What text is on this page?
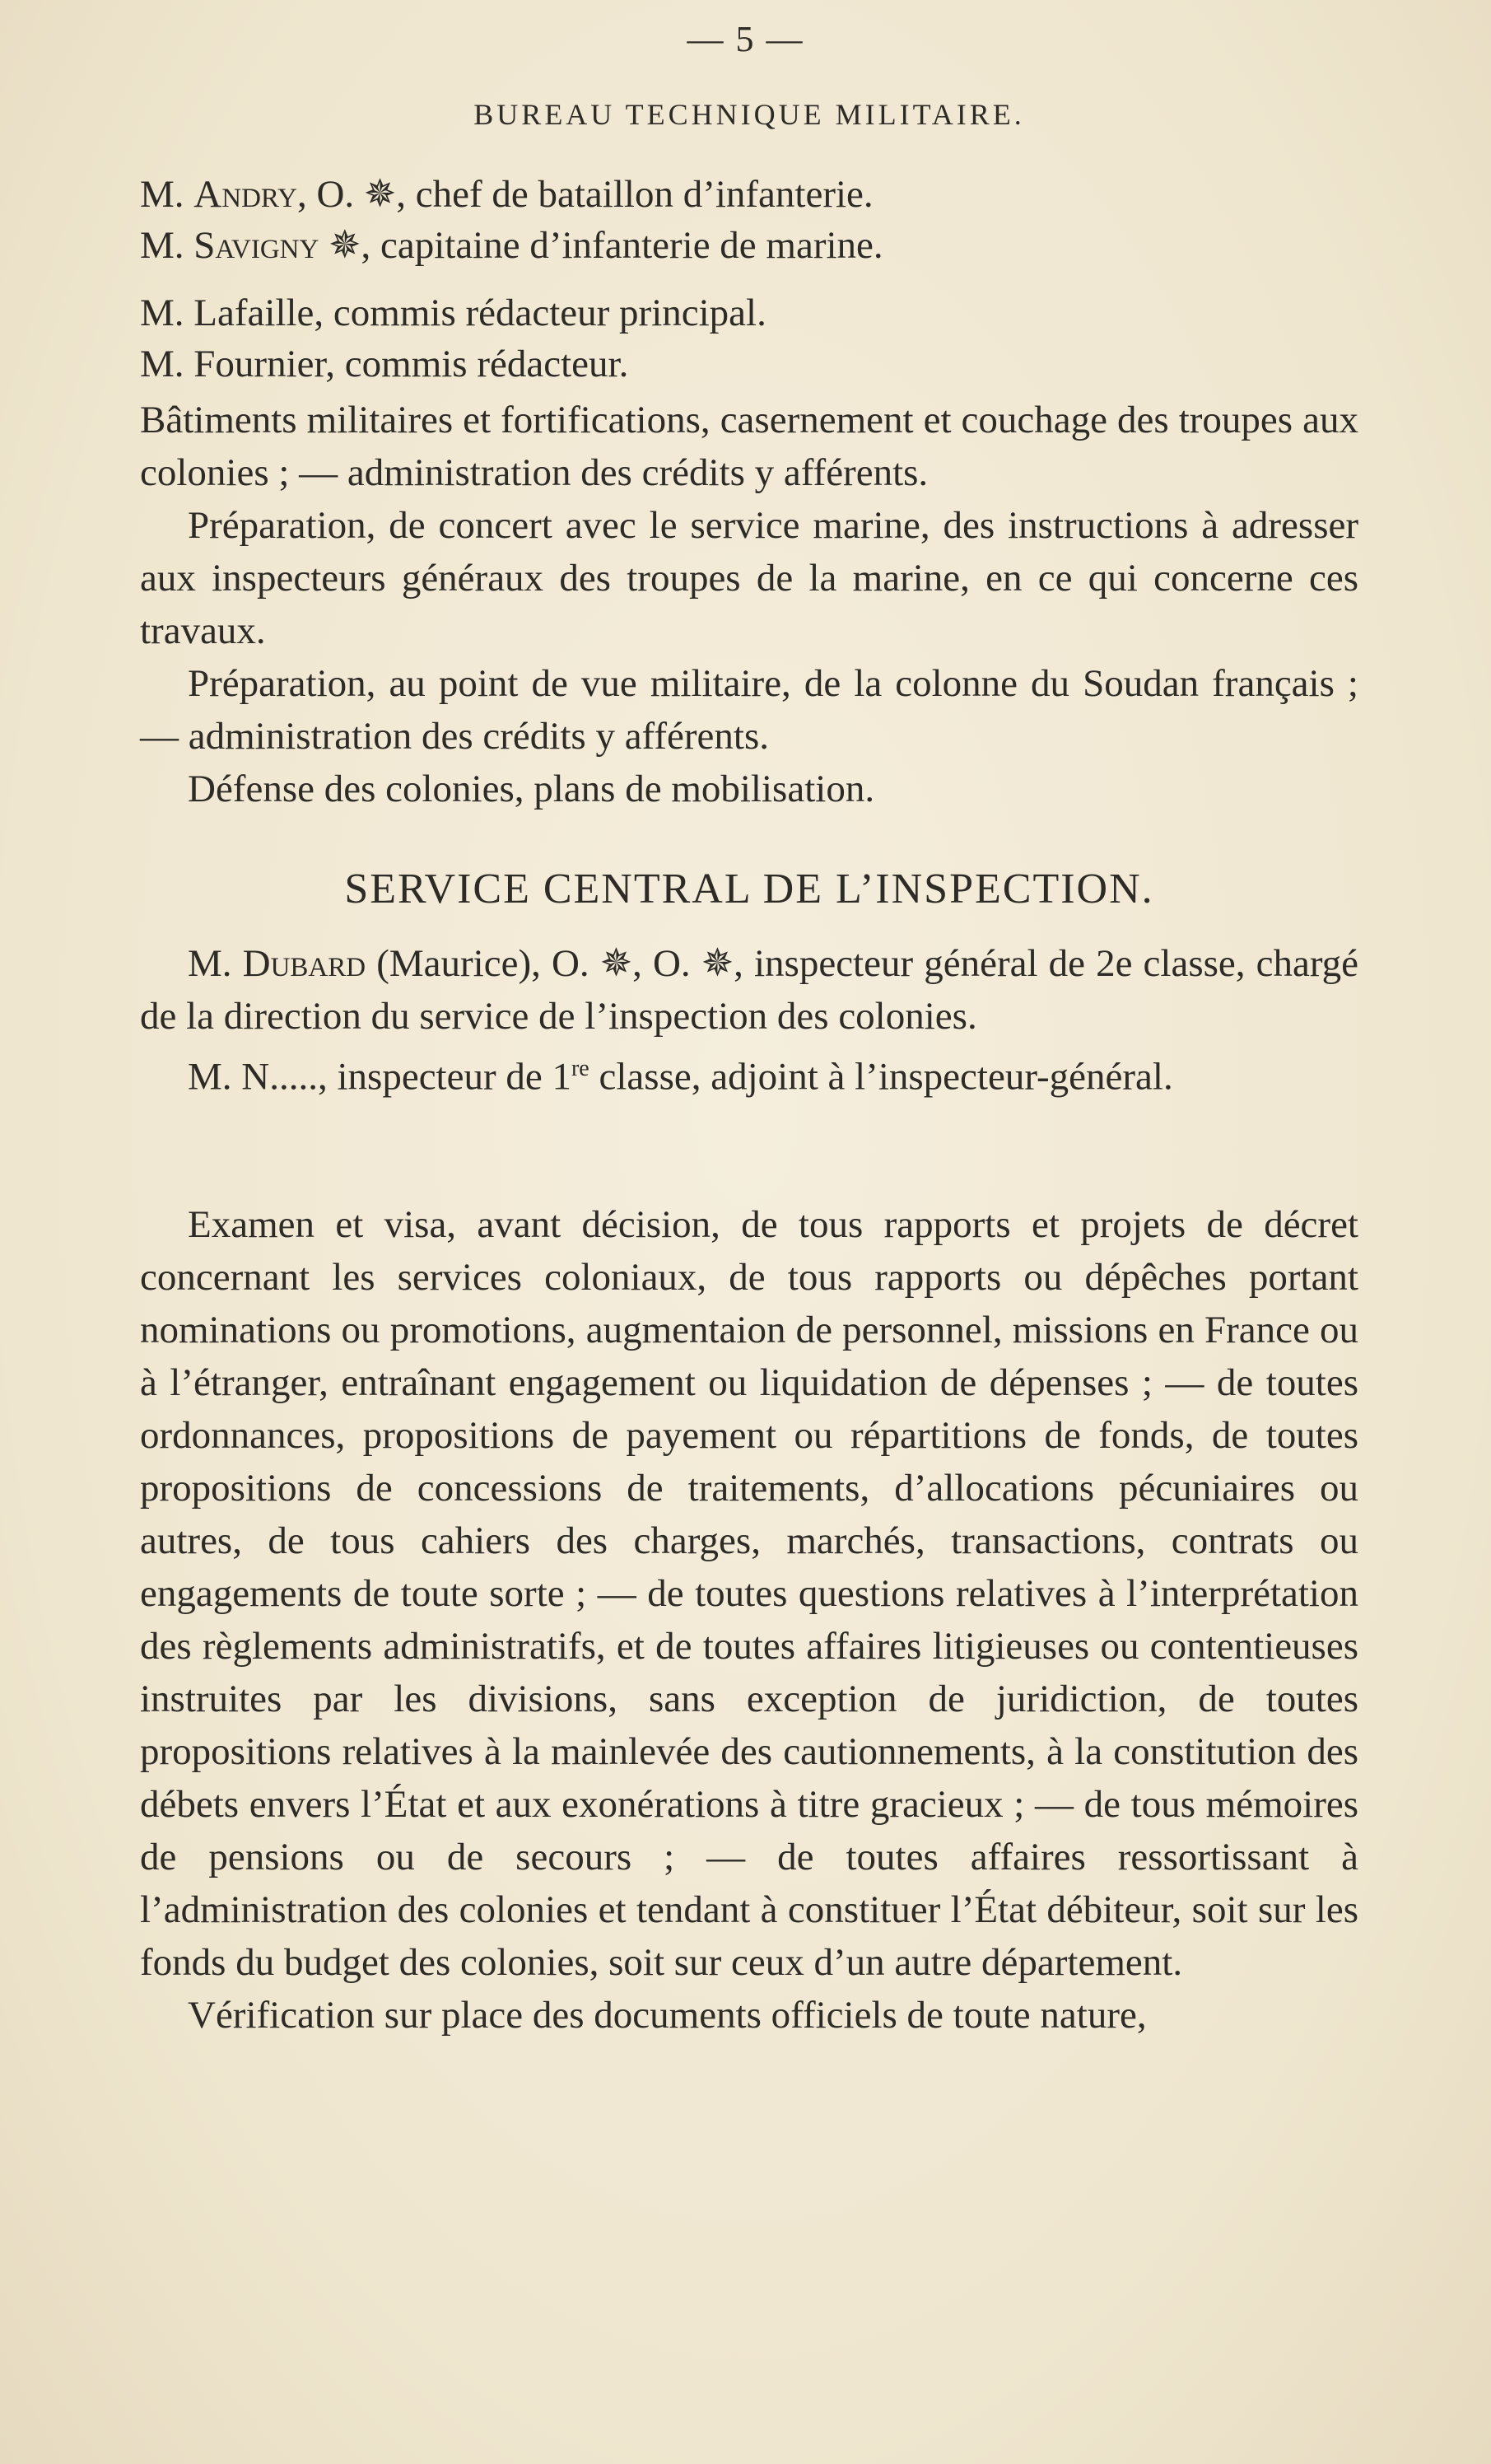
— 5 —
BUREAU TECHNIQUE MILITAIRE.

M. Andry, O. ✵, chef de bataillon d’infanterie.

M. Savigny ✵, capitaine d’infanterie de marine.

M. Lafaille, commis rédacteur principal.

M. Fournier, commis rédacteur.

Bâtiments militaires et fortifications, casernement et couchage des troupes aux colonies ; — administration des crédits y afférents.

Préparation, de concert avec le service marine, des instructions à adresser aux inspecteurs généraux des troupes de la marine, en ce qui concerne ces travaux.

Préparation, au point de vue militaire, de la colonne du Soudan français ; — administration des crédits y afférents.

Défense des colonies, plans de mobilisation.

SERVICE CENTRAL DE L’INSPECTION.

M. Dubard (Maurice), O. ✵, O. ✵, inspecteur général de 2e classe, chargé de la direction du service de l’inspection des colonies.

M. N....., inspecteur de 1re classe, adjoint à l’inspecteur-général.

Examen et visa, avant décision, de tous rapports et projets de décret concernant les services coloniaux, de tous rapports ou dépêches portant nominations ou promotions, augmentaion de personnel, missions en France ou à l’étranger, entraînant engagement ou liquidation de dépenses ; — de toutes ordonnances, propositions de payement ou répartitions de fonds, de toutes propositions de concessions de traitements, d’allocations pécuniaires ou autres, de tous cahiers des charges, marchés, transactions, contrats ou engagements de toute sorte ; — de toutes questions relatives à l’interprétation des règlements administratifs, et de toutes affaires litigieuses ou contentieuses instruites par les divisions, sans exception de juridiction, de toutes propositions relatives à la mainlevée des cautionnements, à la constitution des débets envers l’État et aux exonérations à titre gracieux ; — de tous mémoires de pensions ou de secours ; — de toutes affaires ressortissant à l’administration des colonies et tendant à constituer l’État débiteur, soit sur les fonds du budget des colonies, soit sur ceux d’un autre département.

Vérification sur place des documents officiels de toute nature,
